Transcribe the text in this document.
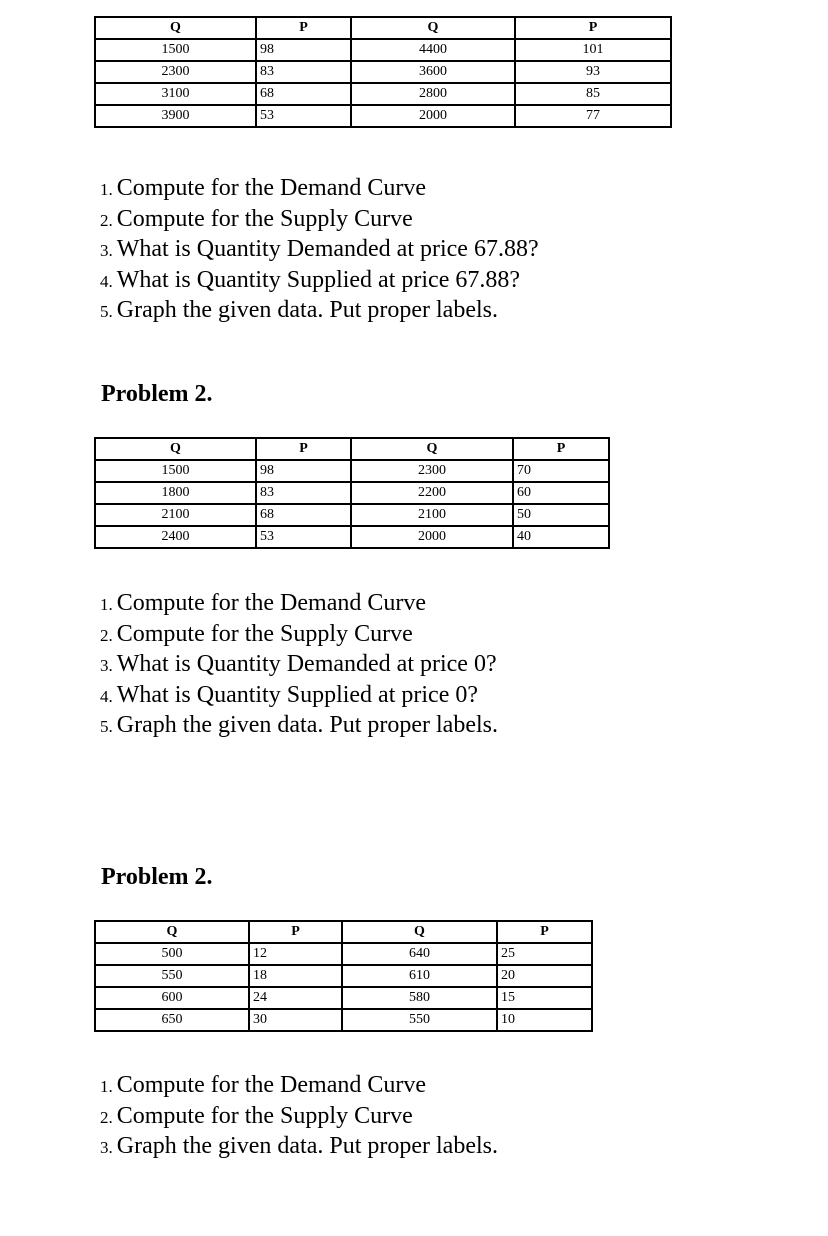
Q	P	Q	P
1500	98	4400	101
2300	83	3600	93
3100	68	2800	85
3900	53	2000	77
1. Compute for the Demand Curve
2. Compute for the Supply Curve
3. What is Quantity Demanded at price 67.88?
4. What is Quantity Supplied at price 67.88?
5. Graph the given data. Put proper labels.
Problem 2.
Q	P	Q	P
1500	98	2300	70
1800	83	2200	60
2100	68	2100	50
2400	53	2000	40
1. Compute for the Demand Curve
2. Compute for the Supply Curve
3. What is Quantity Demanded at price 0?
4. What is Quantity Supplied at price 0?
5. Graph the given data. Put proper labels.
Problem 2.
Q	P	Q	P
500	12	640	25
550	18	610	20
600	24	580	15
650	30	550	10
1. Compute for the Demand Curve
2. Compute for the Supply Curve
3. Graph the given data. Put proper labels.
